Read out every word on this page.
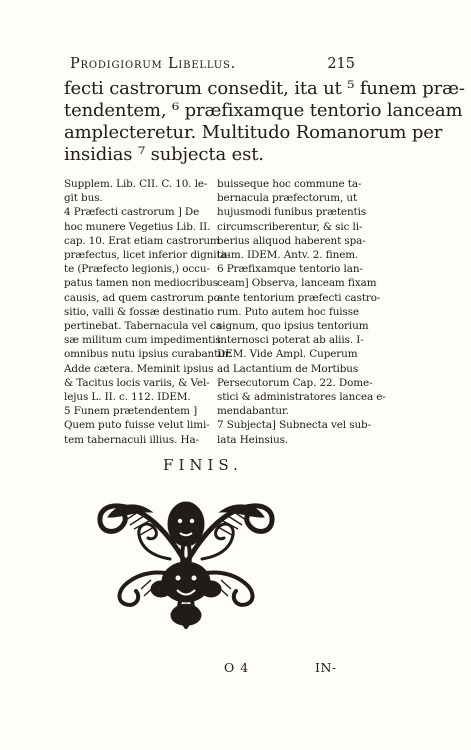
Prodigiorum Libellus.	215
fecti castrorum consedit, ita ut ⁵ funem præ-
tendentem, ⁶ præfixamque tentorio lanceam
amplecteretur. Multitudo Romanorum per
insidias ⁷ subjecta est.
Supplem. Lib. CII. C. 10. le-
git bus.
4 Præfecti castrorum ] De
hoc munere Vegetius Lib. II.
cap. 10. Erat etiam castrorum
præfectus, licet inferior dignita-
te (Præfecto legionis,) occu-
patus tamen non mediocribus
causis, ad quem castrorum po-
sitio, valli & fossæ destinatio
pertinebat. Tabernacula vel ca-
sæ militum cum impedimentis
omnibus nutu ipsius curabantur.
Adde cætera. Meminit ipsius
& Tacitus locis variis, & Vel-
lejus L. II. c. 112. IDEM.
5 Funem prætendentem ]
Quem puto fuisse velut limi-
tem tabernaculi illius. Ha-
buisseque hoc commune ta-
bernacula præfectorum, ut
hujusmodi funibus prætentis
circumscriberentur, & sic li-
berius aliquod haberent spa-
tium. IDEM. Antv. 2. finem.
6 Præfixamque tentorio lan-
ceam] Observa, lanceam fixam
ante tentorium præfecti castro-
rum. Puto autem hoc fuisse
signum, quo ipsius tentorium
internosci poterat ab aliis. I-
DEM. Vide Ampl. Cuperum
ad Lactantium de Mortibus
Persecutorum Cap. 22. Dome-
stici & administratores lancea e-
mendabantur.
7 Subjecta] Subnecta vel sub-
lata Heinsius.
FINIS.
O 4	IN-
